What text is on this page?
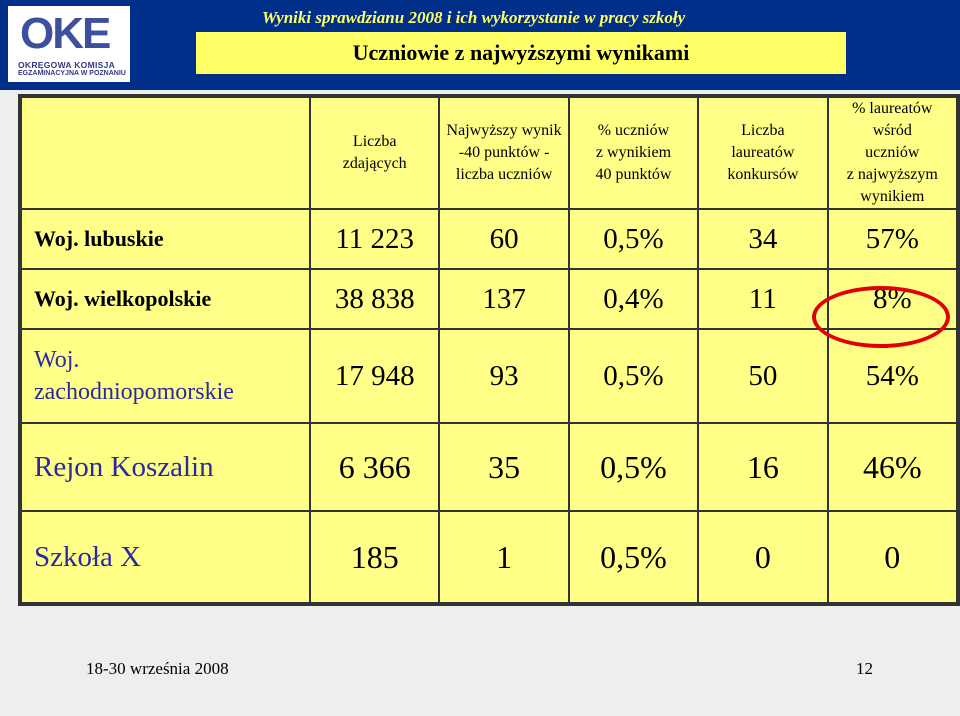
OKE
OKRĘGOWA KOMISJA
EGZAMINACYJNA W POZNANIU
Wyniki sprawdzianu 2008 i ich wykorzystanie w pracy szkoły
Uczniowie z najwyższymi wynikami
	Liczba
zdających	Najwyższy wynik
-40 punktów -
liczba uczniów	% uczniów
z wynikiem
40 punktów	Liczba
laureatów
konkursów	% laureatów
wśród
uczniów
z najwyższym
wynikiem
Woj. lubuskie	11 223	60	0,5%	34	57%
Woj. wielkopolskie	38 838	137	0,4%	11	8%
Woj.
zachodniopomorskie	17 948	93	0,5%	50	54%
Rejon Koszalin	6 366	35	0,5%	16	46%
Szkoła X	185	1	0,5%	0	0
18-30 września 2008	12
